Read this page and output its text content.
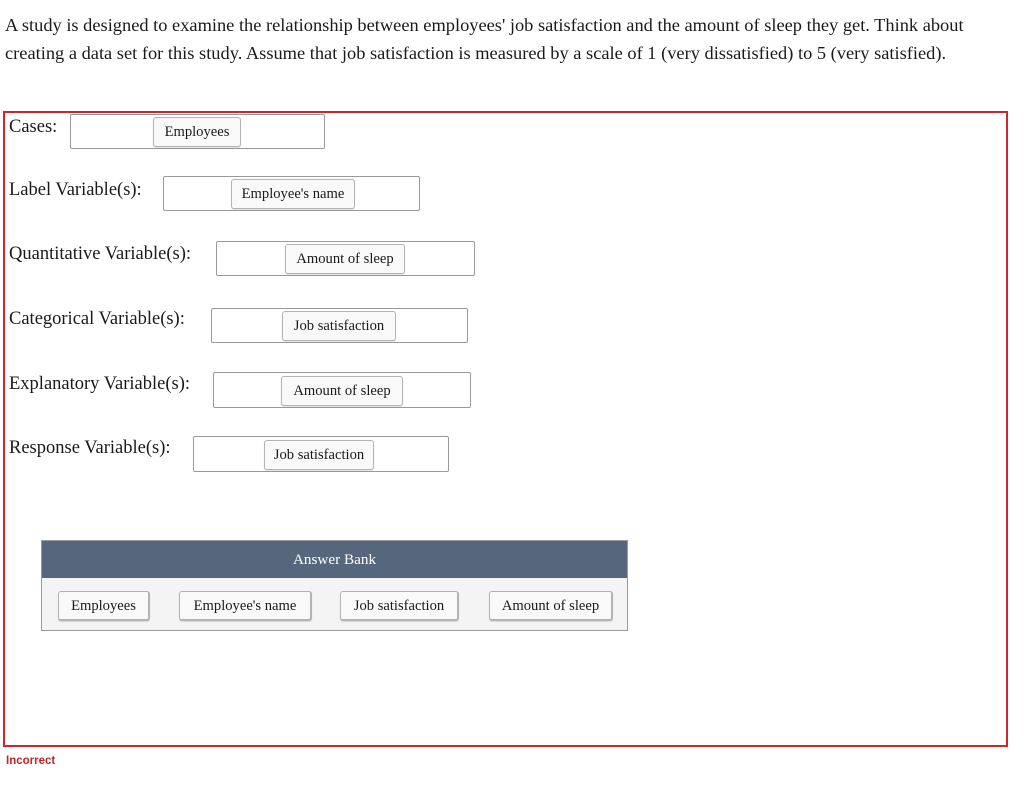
A study is designed to examine the relationship between employees' job satisfaction and the amount of sleep they get. Think about creating a data set for this study. Assume that job satisfaction is measured by a scale of 1 (very dissatisfied) to 5 (very satisfied).

Cases:	Employees
Label Variable(s):	Employee's name
Quantitative Variable(s):	Amount of sleep
Categorical Variable(s):	Job satisfaction
Explanatory Variable(s):	Amount of sleep
Response Variable(s):	Job satisfaction
Answer Bank
Employees	Employee's name	Job satisfaction	Amount of sleep
Incorrect
